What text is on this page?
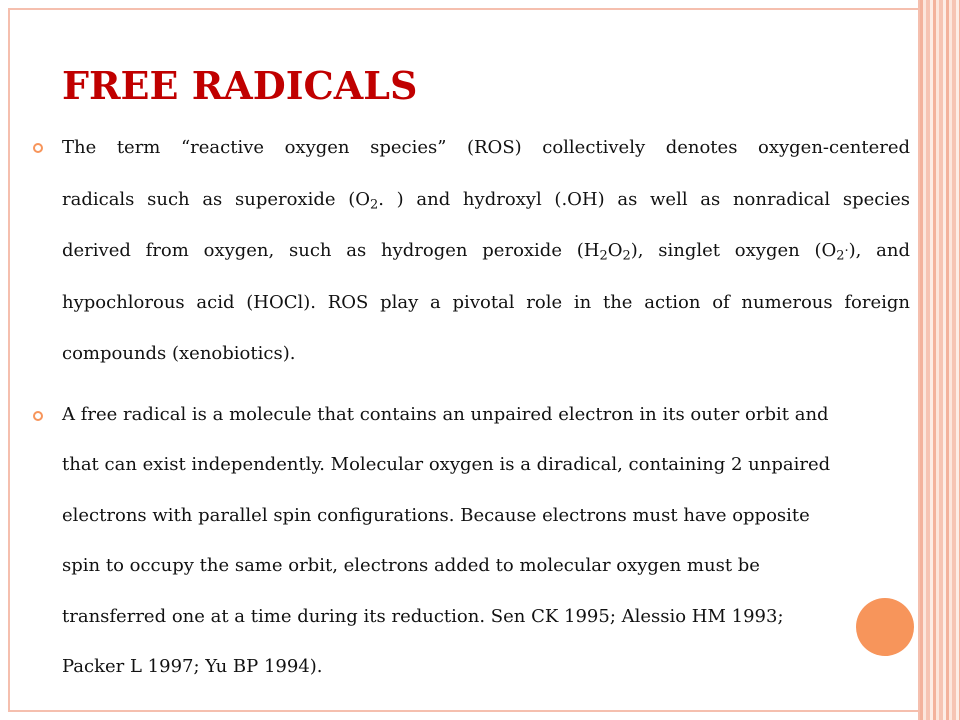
FREE RADICALS
The term “reactive oxygen species” (ROS) collectively denotes oxygen-centered
radicals such as superoxide ($O_2$. ) and hydroxyl (.OH) as well as nonradical species
derived from oxygen, such as hydrogen peroxide $(H_2O_2)$, singlet oxygen $(O_2^.)$, and
hypochlorous acid (HOCl). ROS play a pivotal role in the action of numerous foreign
compounds (xenobiotics).
A free radical is a molecule that contains an unpaired electron in its outer orbit and
that can exist independently. Molecular oxygen is a diradical, containing 2 unpaired
electrons with parallel spin configurations. Because electrons must have opposite
spin to occupy the same orbit, electrons added to molecular oxygen must be
transferred one at a time during its reduction. Sen CK 1995; Alessio HM 1993;
Packer L 1997; Yu BP 1994).
